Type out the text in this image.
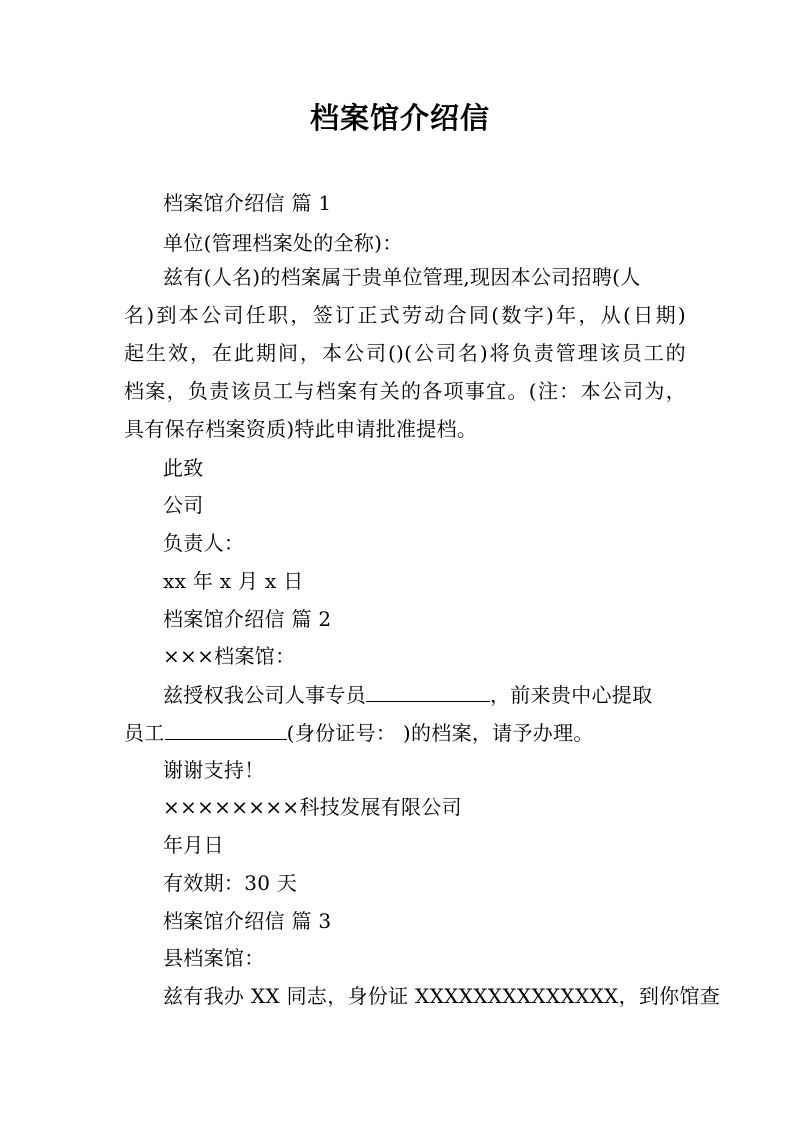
档案馆介绍信
档案馆介绍信 篇 1
单位(管理档案处的全称)：
兹有(人名)的档案属于贵单位管理,现因本公司招聘(人
名)到本公司任职，签订正式劳动合同(数字)年，从(日期)
起生效，在此期间，本公司()(公司名)将负责管理该员工的
档案，负责该员工与档案有关的各项事宜。(注：本公司为，
具有保存档案资质)特此申请批准提档。
此致
公司
负责人：
xx 年 x 月 x 日
档案馆介绍信 篇 2
×××档案馆：
兹授权我公司人事专员	，前来贵中心提取
员工	(身份证号： )的档案，请予办理。
谢谢支持！
××××××××科技发展有限公司
年月日
有效期：30 天
档案馆介绍信 篇 3
县档案馆：
兹有我办 XX 同志，身份证 XXXXXXXXXXXXXX，到你馆查
